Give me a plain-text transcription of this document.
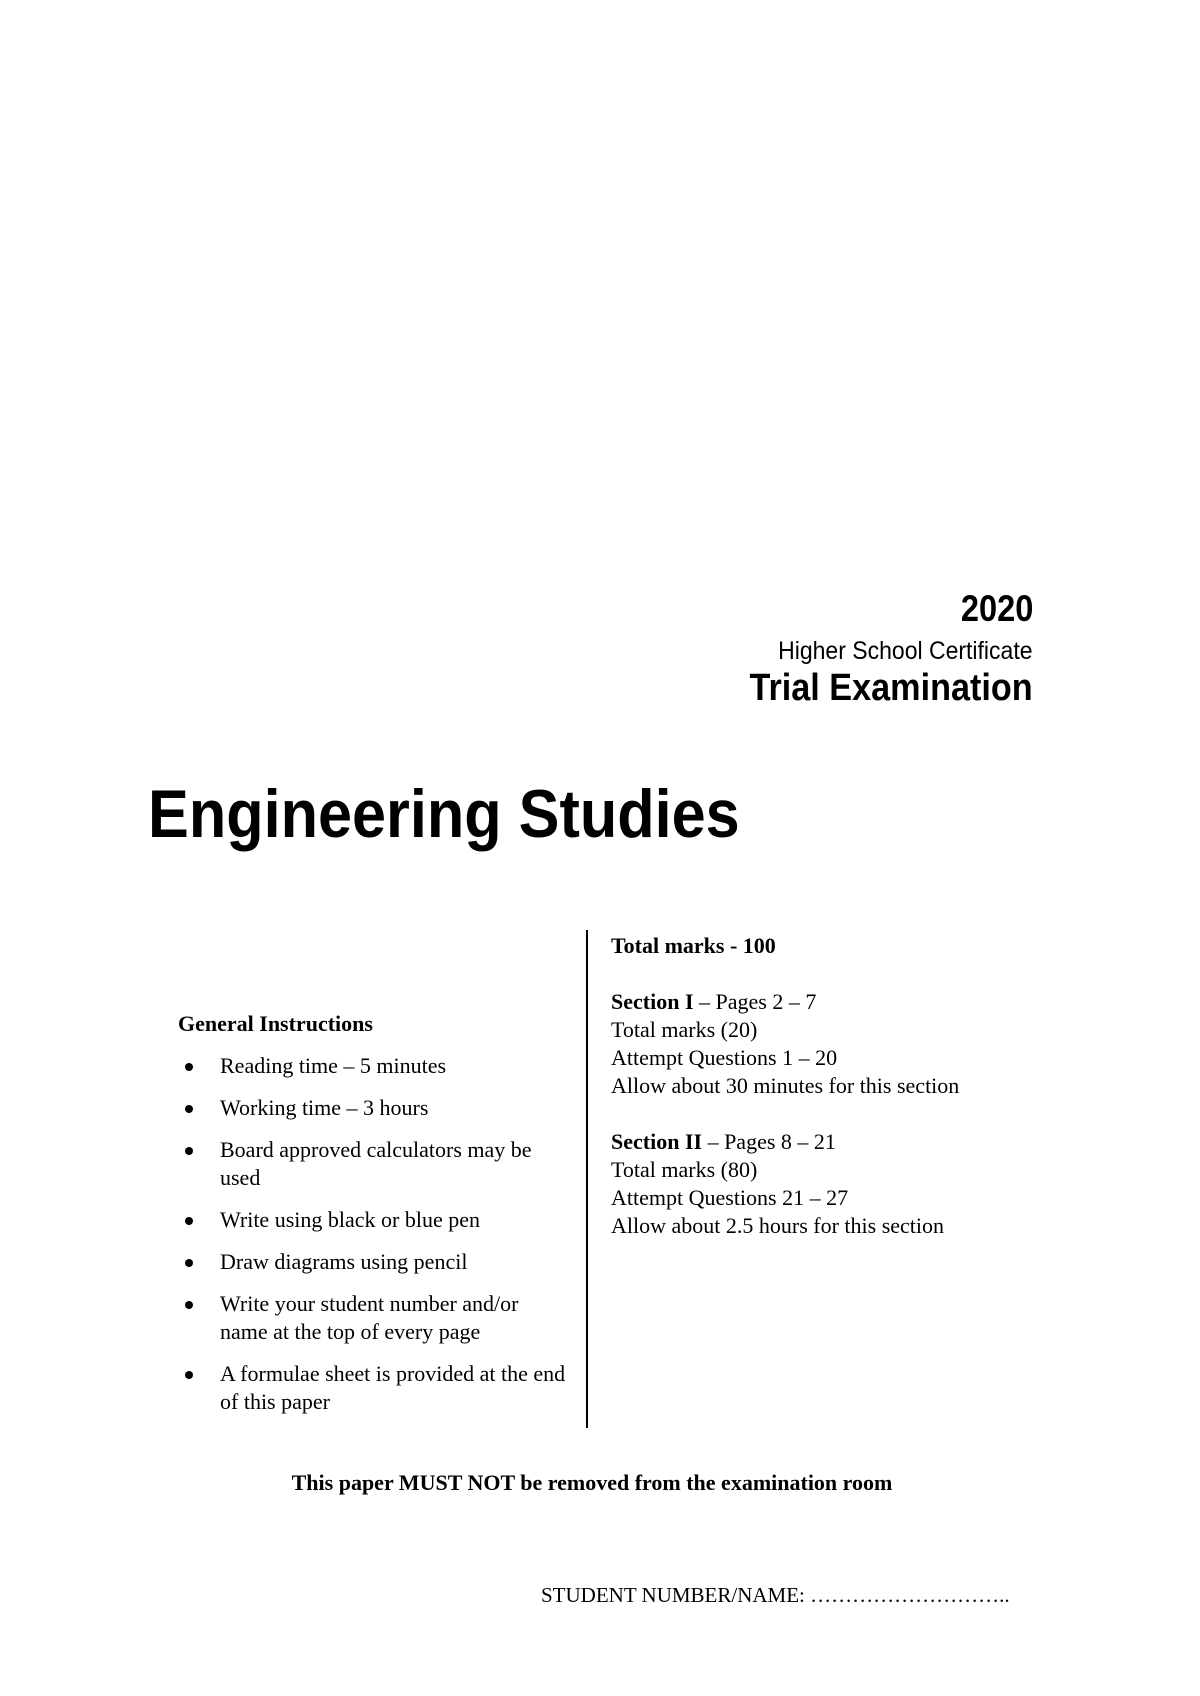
2020
Higher School Certificate
Trial Examination
Engineering Studies
General Instructions
Reading time – 5 minutes
Working time – 3 hours
Board approved calculators may be used
Write using black or blue pen
Draw diagrams using pencil
Write your student number and/or name at the top of every page
A formulae sheet is provided at the end of this paper
Total marks - 100
Section I – Pages 2 – 7
Total marks (20)
Attempt Questions 1 – 20
Allow about 30 minutes for this section
Section II – Pages 8 – 21
Total marks (80)
Attempt Questions 21 – 27
Allow about 2.5 hours for this section
This paper MUST NOT be removed from the examination room
STUDENT NUMBER/NAME: ………………………..
